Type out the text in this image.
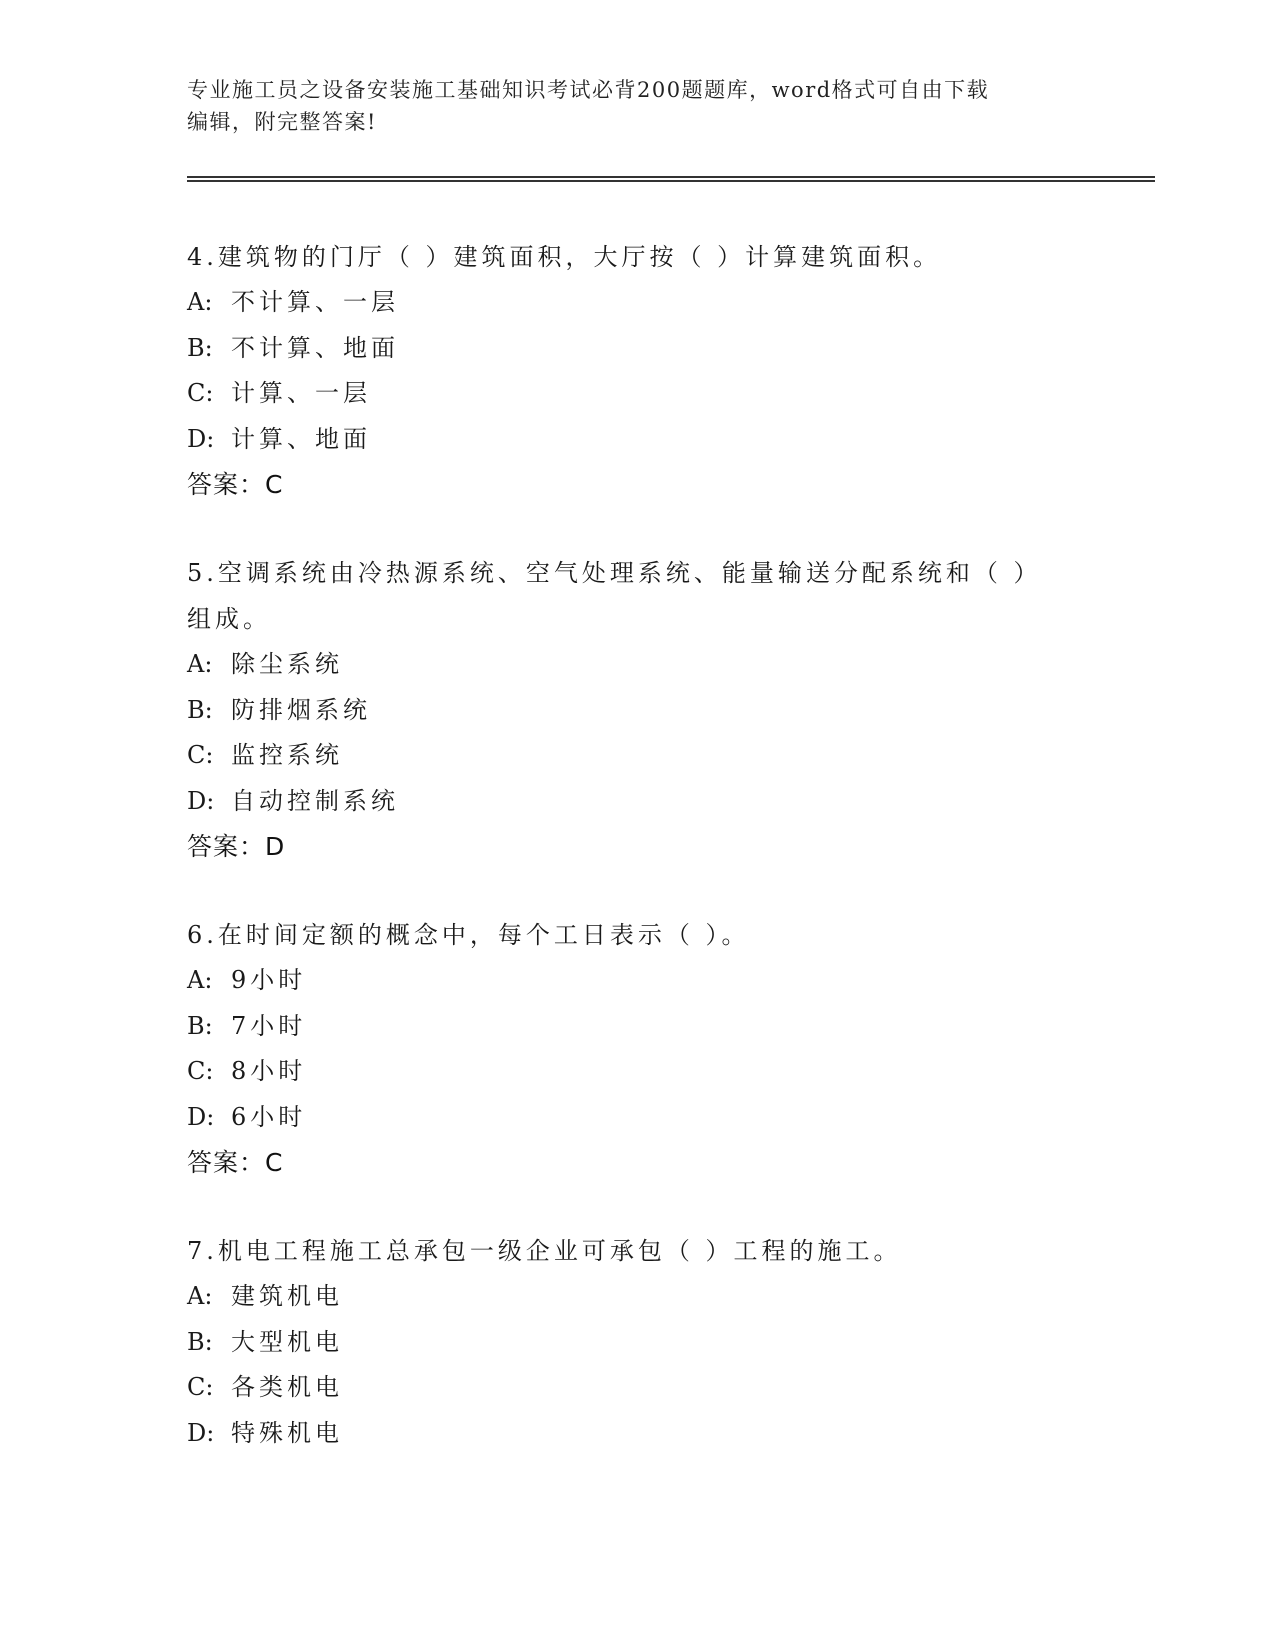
专业施工员之设备安装施工基础知识考试必背200题题库，word格式可自由下载
编辑，附完整答案!

4.建筑物的门厅（ ）建筑面积，大厅按（ ）计算建筑面积。

A: 不计算、一层
B: 不计算、地面
C: 计算、一层
D: 计算、地面
答案：C

5.空调系统由冷热源系统、空气处理系统、能量输送分配系统和（ ）

组成。

A: 除尘系统
B: 防排烟系统
C: 监控系统
D: 自动控制系统
答案：D

6.在时间定额的概念中，每个工日表示（ ）。

A: 9小时
B: 7小时
C: 8小时
D: 6小时
答案：C

7.机电工程施工总承包一级企业可承包（ ）工程的施工。

A: 建筑机电
B: 大型机电
C: 各类机电
D: 特殊机电
